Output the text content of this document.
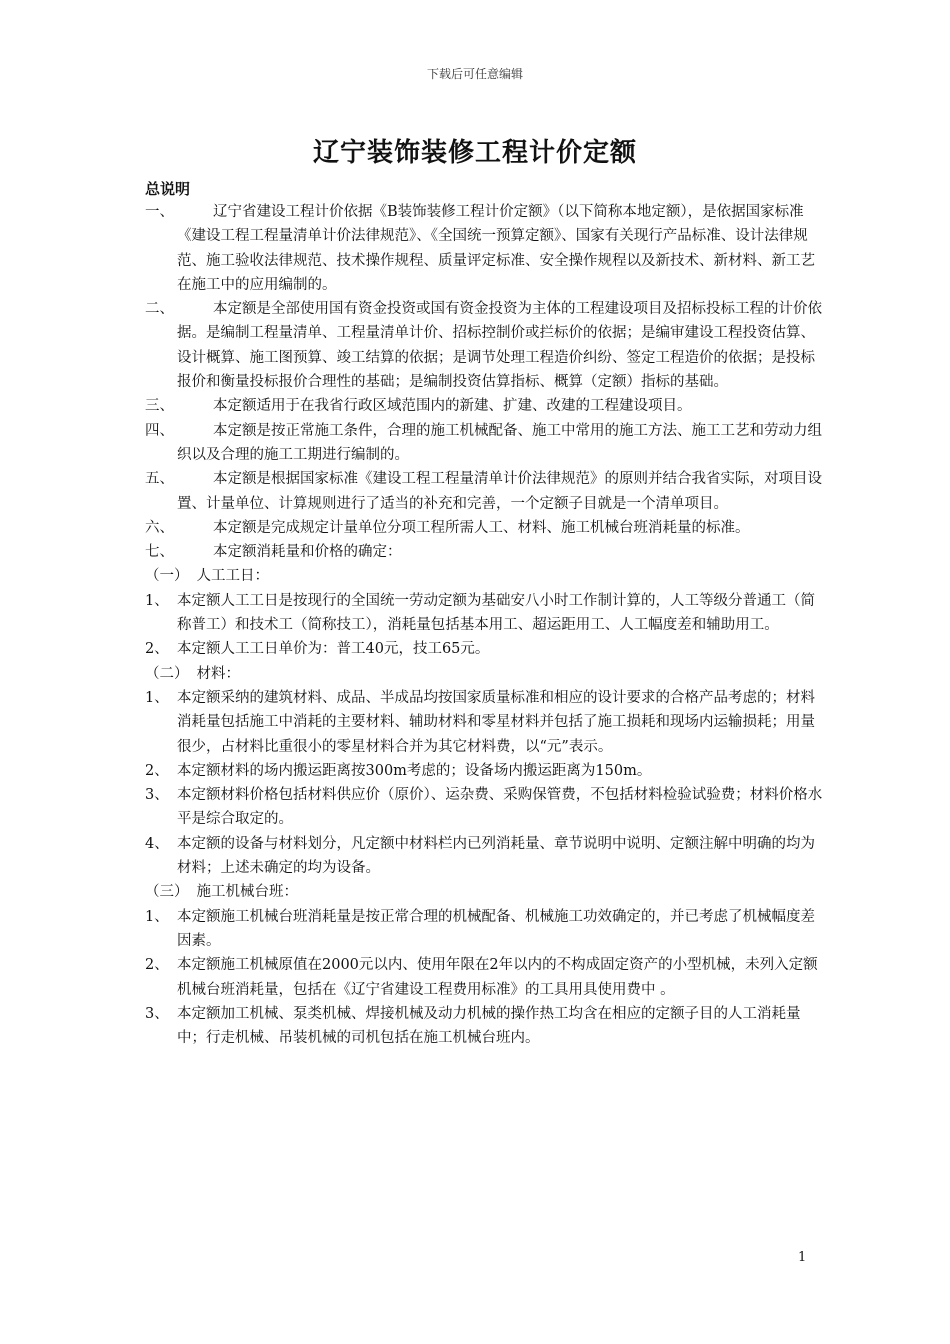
下载后可任意编辑
辽宁装饰装修工程计价定额
总说明
一、	辽宁省建设工程计价依据《B装饰装修工程计价定额》（以下简称本地定额），是依据国家标准《建设工程工程量清单计价法律规范》、《全国统一预算定额》、国家有关现行产品标准、设计法律规范、施工验收法律规范、技术操作规程、质量评定标准、安全操作规程以及新技术、新材料、新工艺在施工中的应用编制的。
二、	本定额是全部使用国有资金投资或国有资金投资为主体的工程建设项目及招标投标工程的计价依据。是编制工程量清单、工程量清单计价、招标控制价或拦标价的依据；是编审建设工程投资估算、设计概算、施工图预算、竣工结算的依据；是调节处理工程造价纠纷、签定工程造价的依据；是投标报价和衡量投标报价合理性的基础；是编制投资估算指标、概算（定额）指标的基础。
三、	本定额适用于在我省行政区域范围内的新建、扩建、改建的工程建设项目。
四、	本定额是按正常施工条件，合理的施工机械配备、施工中常用的施工方法、施工工艺和劳动力组织以及合理的施工工期进行编制的。
五、	本定额是根据国家标准《建设工程工程量清单计价法律规范》的原则并结合我省实际，对项目设置、计量单位、计算规则进行了适当的补充和完善，一个定额子目就是一个清单项目。
六、	本定额是完成规定计量单位分项工程所需人工、材料、施工机械台班消耗量的标准。
七、	本定额消耗量和价格的确定：
（一） 人工工日：
1、 本定额人工工日是按现行的全国统一劳动定额为基础安八小时工作制计算的，人工等级分普通工（简称普工）和技术工（简称技工），消耗量包括基本用工、超运距用工、人工幅度差和辅助用工。
2、 本定额人工工日单价为：普工40元，技工65元。
（二） 材料：
1、 本定额采纳的建筑材料、成品、半成品均按国家质量标准和相应的设计要求的合格产品考虑的；材料消耗量包括施工中消耗的主要材料、辅助材料和零星材料并包括了施工损耗和现场内运输损耗；用量很少，占材料比重很小的零星材料合并为其它材料费，以“元”表示。
2、 本定额材料的场内搬运距离按300m考虑的；设备场内搬运距离为150m。
3、 本定额材料价格包括材料供应价（原价）、运杂费、采购保管费，不包括材料检验试验费；材料价格水平是综合取定的。
4、 本定额的设备与材料划分，凡定额中材料栏内已列消耗量、章节说明中说明、定额注解中明确的均为材料；上述未确定的均为设备。
（三） 施工机械台班：
1、 本定额施工机械台班消耗量是按正常合理的机械配备、机械施工功效确定的，并已考虑了机械幅度差因素。
2、 本定额施工机械原值在2000元以内、使用年限在2年以内的不构成固定资产的小型机械，未列入定额机械台班消耗量，包括在《辽宁省建设工程费用标准》的工具用具使用费中 。
3、 本定额加工机械、泵类机械、焊接机械及动力机械的操作热工均含在相应的定额子目的人工消耗量中；行走机械、吊装机械的司机包括在施工机械台班内。
1
